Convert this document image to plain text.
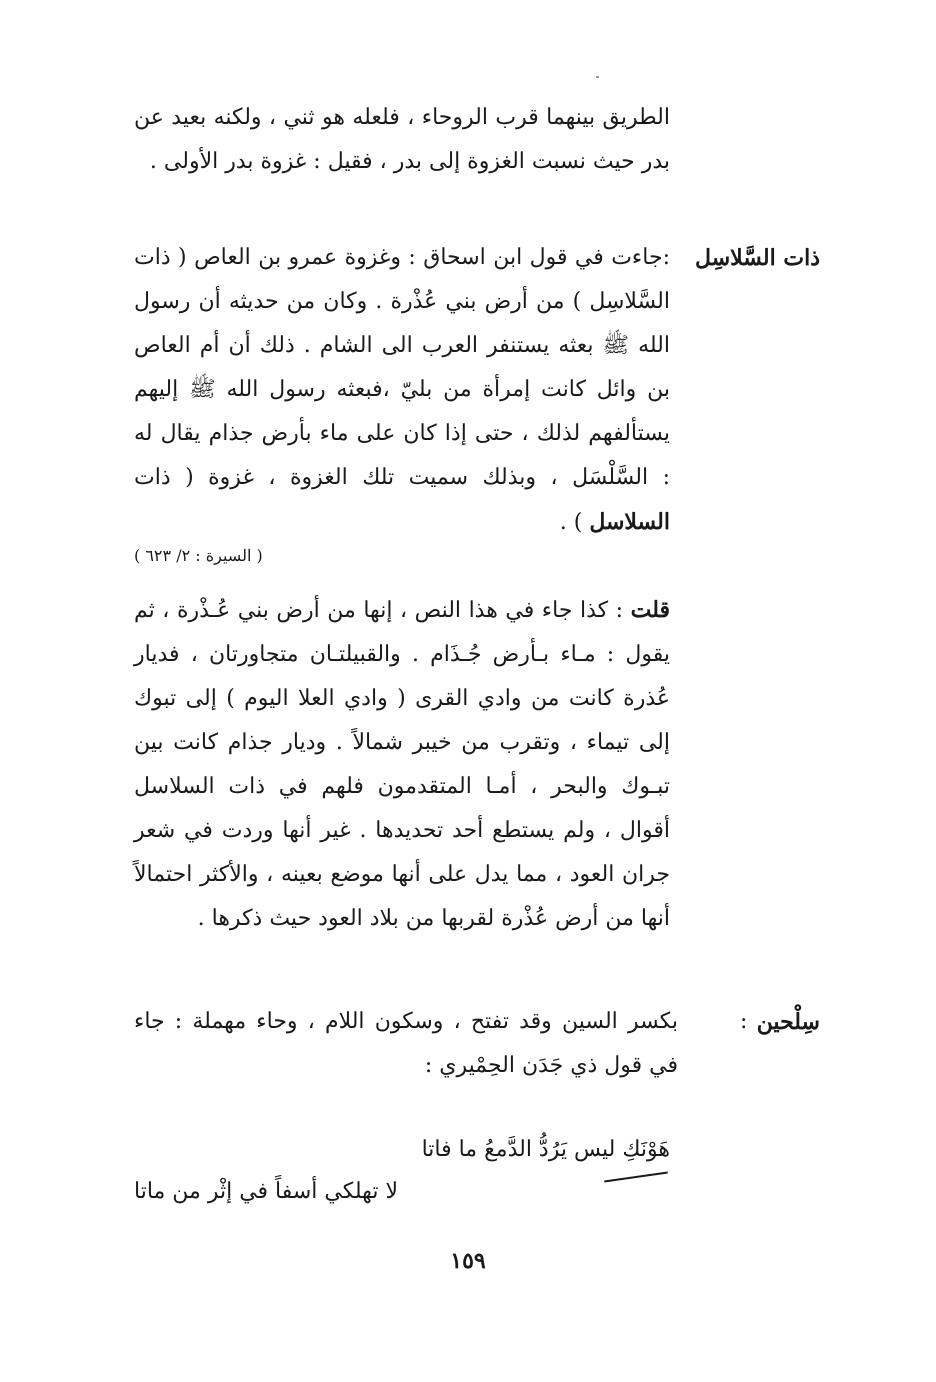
الطريق بينهما قرب الروحاء ، فلعله هو ثني ، ولكنه بعيد عن بدر حيث نسبت الغزوة إلى بدر ، فقيل : غزوة بدر الأولى .
ذات السَّلاسِل
:جاءت في قول ابن اسحاق : وغزوة عمرو بن العاص ( ذات السَّلاسِل ) من أرض بني عُذْرة . وكان من حديثه أن رسول الله ﷺ بعثه يستنفر العرب الى الشام . ذلك أن أم العاص بن وائل كانت إمرأة من بليّ ،فبعثه رسول الله ﷺ إليهم يستألفهم لذلك ، حتى إذا كان على ماء بأرض جذام يقال له : السَّلْسَل ، وبذلك سميت تلك الغزوة ، غزوة ( ذات السلاسل ) .
( السيرة : ٢/ ٦٢٣ )
قلت : كذا جاء في هذا النص ، إنها من أرض بني عُـذْرة ، ثم يقول : مـاء بـأرض جُـذَام . والقبيلتـان متجاورتان ، فديار عُذرة كانت من وادي القرى ( وادي العلا اليوم ) إلى تبوك إلى تيماء ، وتقرب من خيبر شمالاً . وديار جذام كانت بين تبـوك والبحر ، أمـا المتقدمون فلهم في ذات السلاسل أقوال ، ولم يستطع أحد تحديدها . غير أنها وردت في شعر جران العود ، مما يدل على أنها موضع بعينه ، والأكثر احتمالاً أنها من أرض عُذْرة لقربها من بلاد العود حيث ذكرها .
سِلْحين
:
بكسر السين وقد تفتح ، وسكون اللام ، وحاء مهملة : جاء في قول ذي جَدَن الحِمْيري :
هَوْنَكِ ليس يَرُدُّ الدَّمعُ ما فاتا
لا تهلكي أسفاً في إثْر من ماتا
١٥٩
